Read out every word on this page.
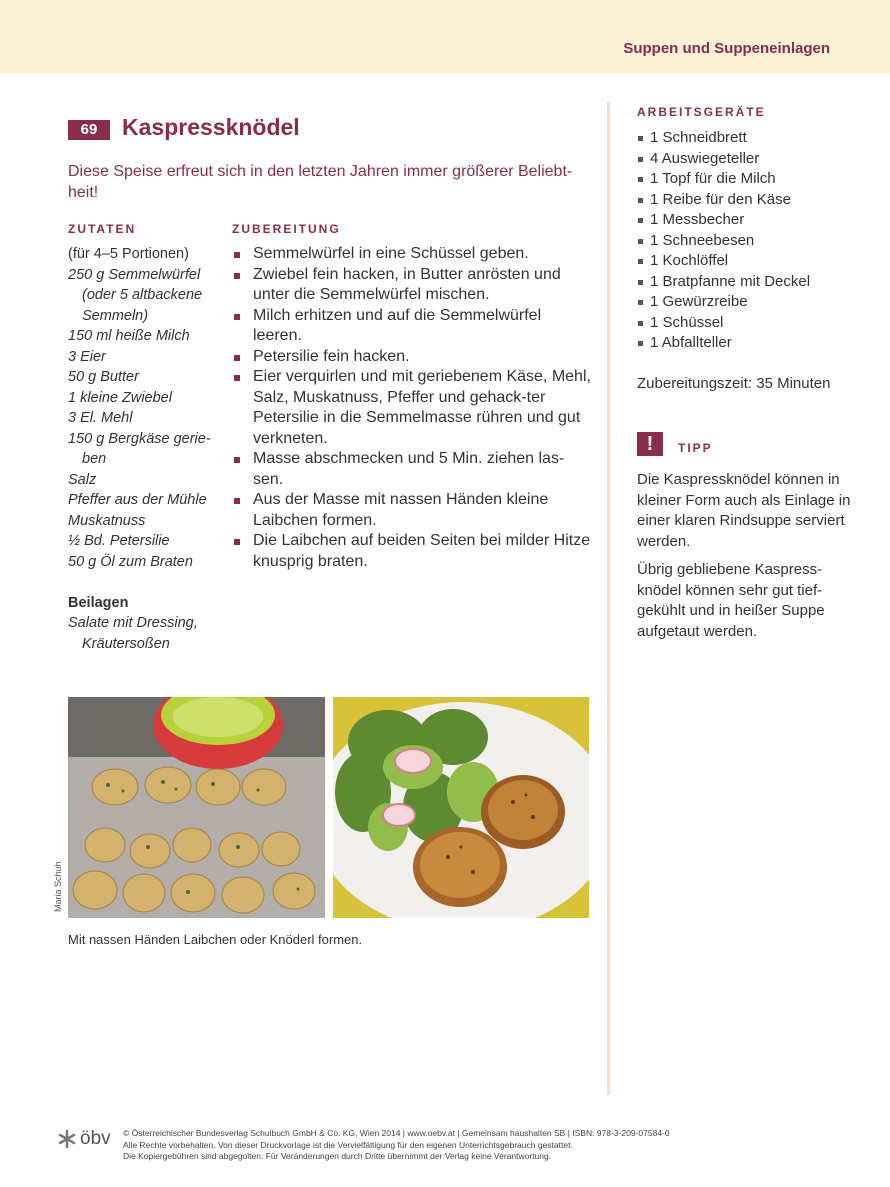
Suppen und Suppeneinlagen
69	Kaspressknödel
Diese Speise erfreut sich in den letzten Jahren immer größerer Beliebt-heit!
ZUTATEN	ZUBEREITUNG
(für 4–5 Portionen)
250 g Semmelwürfel
(oder 5 altbackene
Semmeln)
150 ml heiße Milch
3 Eier
50 g Butter
1 kleine Zwiebel
3 El. Mehl
150 g Bergkäse gerie-
ben
Salz
Pfeffer aus der Mühle
Muskatnuss
½ Bd. Petersilie
50 g Öl zum Braten
Beilagen
Salate mit Dressing,
Kräutersoßen
Semmelwürfel in eine Schüssel geben.
Zwiebel fein hacken, in Butter anrösten und unter die Semmelwürfel mischen.
Milch erhitzen und auf die Semmelwürfel leeren.
Petersilie fein hacken.
Eier verquirlen und mit geriebenem Käse, Mehl, Salz, Muskatnuss, Pfeffer und gehack-ter Petersilie in die Semmelmasse rühren und gut verkneten.
Masse abschmecken und 5 Min. ziehen las-sen.
Aus der Masse mit nassen Händen kleine Laibchen formen.
Die Laibchen auf beiden Seiten bei milder Hitze knusprig braten.
ARBEITSGERÄTE
1 Schneidbrett
4 Auswiegeteller
1 Topf für die Milch
1 Reibe für den Käse
1 Messbecher
1 Schneebesen
1 Kochlöffel
1 Bratpfanne mit Deckel
1 Gewürzreibe
1 Schüssel
1 Abfallteller
Zubereitungszeit: 35 Minuten
!	TIPP

Die Kaspressknödel können in kleiner Form auch als Einlage in einer klaren Rindsuppe serviert werden.

Übrig gebliebene Kaspress-knödel können sehr gut tief-gekühlt und in heißer Suppe aufgetaut werden.

Maria Schuh
Mit nassen Händen Laibchen oder Knöderl formen.
öbv © Österreichischer Bundesverlag Schulbuch GmbH & Co. KG, Wien 2014 | www.oebv.at | Gemeinsam haushalten SB | ISBN: 978-3-209-07584-0
Alle Rechte vorbehalten. Von dieser Druckvorlage ist die Vervielfältigung für den eigenen Unterrichtsgebrauch gestattet.
Die Kopiergebühren sind abgegolten. Für Veränderungen durch Dritte übernimmt der Verlag keine Verantwortung.
